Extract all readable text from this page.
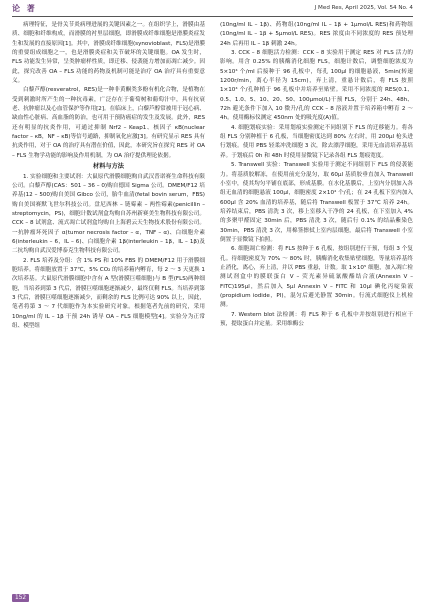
论 著	J Med Res, April 2025, Vol. 54 No. 4

病理特征，是骨关节炎病理进展的关键因素之一。在组织学上，滑膜由基质、细胞和纤维构成，而滑膜的衬里层细胞，即滑膜成纤维细胞是滑膜炎症发生和发展的直接原因[1]。其中，滑膜成纤维细胞(synovioblast，FLS)是滑膜的重要组成细胞之一，也是滑膜炎症和关节破坏的关键细胞。OA 发生时，FLS 功能发生异常，呈类肿瘤样性质，即迁移、侵袭能力增加而凋亡减少。因此，探究改善 OA – FLS 功能的药物及机制可能是治疗 OA 治疗具有重要意义。

白藜芦醇(resveratrol，RES)是一种非黄酮类多酚有机化合物，是植物在受到刺激时所产生的一种抗毒素，广泛存在于葡萄树和葡萄汁中，具有抗衰老、抗肿瘤以及心血管保护等作用[2]。在临床上，白藜芦醇常被用于冠心病、缺血性心脏病、高血脂的防治，也可用于预防癌症的发生及发展。此外，RES 还有明显的抗炎作用，可通过抑制 Nrf2 – Keap1、核因子 κB(nuclear factor – κB，NF – κB)等信号通路，抑制氧化应激[3]。有研究显示 RES 具有抗炎作用，对于 OA 的治疗具有潜在价值，因此，本研究旨在探究 RES 对 OA – FLS 生物学功能的影响及作用机制，为 OA 治疗提供理论依据。

材料与方法

1. 实验细胞和主要试剂：大鼠原代滑膜细胞购自武汉普诺赛生命科技有限公司。白藜芦醇(CAS：501 – 36 – 0)购自德国 Sigma 公司。DMEM/F12 培养基(12 – 500)购自美国 Gibco 公司，胎牛血清(fetal bovin serum，FBS)购自美国赛默飞世尔科技公司。盘尼西林 – 链霉素 – 两性霉素(penicillin – streptomycin，PS)，细胞计数试剂盒均购自苏州新赛美生物科技有限公司。CCK – 8 试剂盒、流式凋亡试剂盒均购自上海碧云天生物技术股份有限公司。一抗肿瘤坏死因子 α(tumor necrosis factor – α，TNF – α)、白细胞介素 6(interleukin – 6，IL – 6)、白细胞介素 1β(interleukin – 1β，IL – 1β)及二抗均购自武汉爱博泰克生物科技有限公司。

2. FLS 培养及分组：含 1% PS 和 10% FBS 的 DMEM/F12 用于滑膜细胞培养。将细胞放置于 37℃，5% CO₂ 的培养箱内孵育，每 2 ～ 3 天更换 1 次培养基。大鼠原代滑膜细胞中含有 A 型(滑膜巨噬细胞)与 B 型(FLS)两种细胞，当培养到第 3 代后，滑膜巨噬细胞逐渐减少，最终仅剩 FLS。当培养到第 3 代后，滑膜巨噬细胞逐渐减少，而剩余的 FLS 比例可达 90% 以上，因此，笔者将第 3 ～ 7 代细胞作为本实验研究对象。根据笔者先前的研究，采用 10ng/ml 的 IL – 1β 干预 24h 诱导 OA – FLS 细胞模型[4]。实验分为正常组、模型组

(10ng/ml IL – 1β)、药物组(10ng/ml IL – 1β + 1μmol/L RES)和药物组(10ng/ml IL – 1β + 5μmol/L RES)。RES 浓度由不同浓度的 RES 预处理 24h 后再用 IL – 1β 刺激 24h。

3. CCK – 8 细胞活力检测：CCK – 8 实验用于测定 RES 对 FLS 活力的影响。用含 0.25% 的胰酶消化细胞 FLS，细胞计数后，调整细胞浓度为 5×10⁴ 个/ml 后接种于 96 孔板中，每孔 100μl 的细胞悬液，5min(转速 1200r/min，离心半径为 15cm)，弃上清，重悬计数后，将 FLS 按照 1×10⁴ 个/孔种植于 96 孔板中并培养至贴壁。采用不同浓度的 RES(0.1、0.5、1.0、5、10、20、50、100μmol/L)干预 FLS，分别于 24h、48h、72h 避光条件下加入 10 微升/孔的 CCK – 8 溶液并置于培养箱中孵育 2 ～ 4h。使用酶标仪测定 450nm 处的吸光度(A)值。

4. 细胞划痕实验：采用划痕实验测定不同组别下 FLS 的迁移能力。将各组 FLS 分别种植于 6 孔板，当细胞密度达到 80% 左右时，用 200μl 枪头进行划痕。使用 PBS 轻柔冲洗细胞 3 次，除去漂浮细胞，采用无血清培养基培养。于划痕后 0h 和 48h 时使用显微镜下记录各组 FLS 划痕宽度。

5. Transwell 实验：Transwell 实验用于测定不同组别下 FLS 的侵袭能力。将基质胶解冻，在使用前充分混匀，取 60μl 基质胶垂直加入 Transwell 小室中，使其均匀平铺在底部，形成基膜。在水化基膜后，上室内分别加入各组无血清的细胞悬液 100μl，细胞密度 2×10⁴ 个/孔；在 24 孔板下室内加入 600μl 含 20% 血清的培养基，随后将 Transwell 板置于 37℃ 培养 24h。培养结束后，PBS 清洗 3 次，移上室移入干净的 24 孔板，在下室加入 4% 的多聚甲醛固定 30min 后，PBS 清洗 3 次，随后行 0.1% 的结晶紫染色 30min，PBS 清洗 3 次，用棉签擦拭上室内层细胞，最后将 Transwell 小室倒置于显微镜下拍照。

6. 细胞凋亡检测：将 FLS 按种于 6 孔板，按组别进行干预，每组 3 个复孔。待细胞密度为 70% ～ 80% 时，胰酶消化收集贴壁细胞，等量培养基终止消化，离心，弃上清，并以 PBS 重悬，计数。取 1×10⁵ 细胞，加入凋亡检测试剂盒中的膜联蛋白 V – 荧光素异硫氰酸酯结合液(Annexin V – FITC)195μl，然后加入 5μl Annexin V – FITC 和 10μl 碘化丙啶染液(propidium iodide，PI)，混匀后避光静置 30min。行流式细胞仪上机检测。

7. Western blot 法检测：将 FLS 种于 6 孔板中并按组别进行相应干预，提取蛋白并定量。采用维酶公

152
